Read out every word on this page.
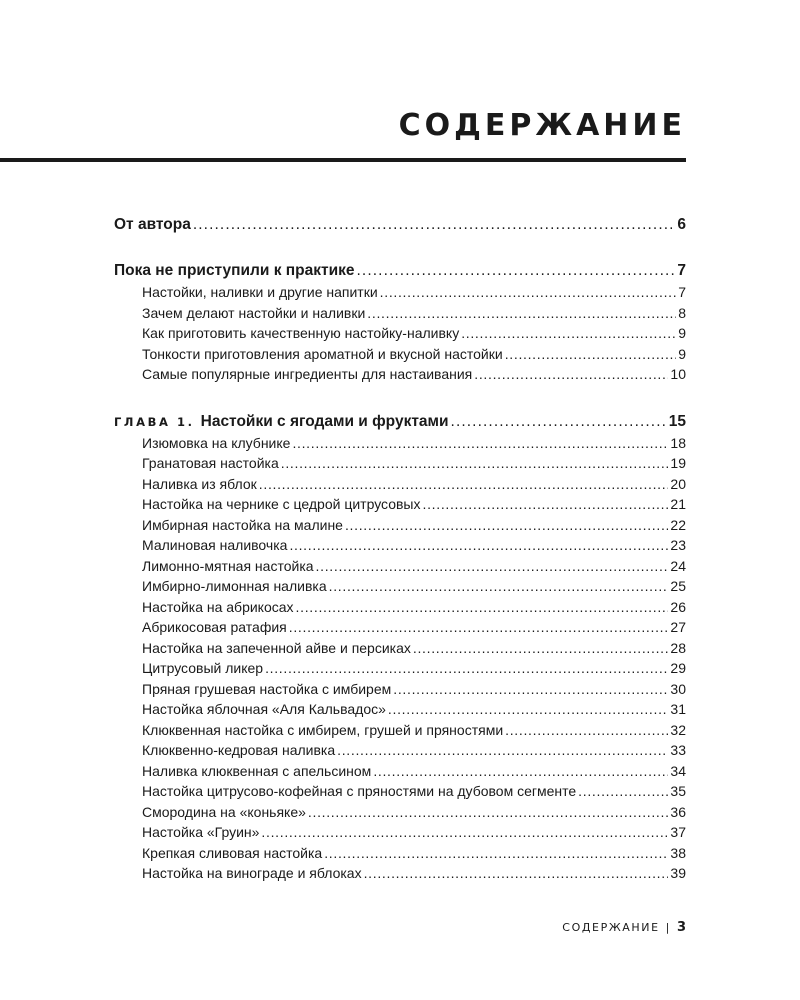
СОДЕРЖАНИЕ
От автора . . .	6
Пока не приступили к практике . . .	7
Настойки, наливки и другие напитки . . .	7
Зачем делают настойки и наливки . . .	8
Как приготовить качественную настойку-наливку . . .	9
Тонкости приготовления ароматной и вкусной настойки . . .	9
Самые популярные ингредиенты для настаивания . . .	10
ГЛАВА 1. Настойки с ягодами и фруктами . . .	15
Изюмовка на клубнике . . .	18
Гранатовая настойка . . .	19
Наливка из яблок . . .	20
Настойка на чернике с цедрой цитрусовых . . .	21
Имбирная настойка на малине . . .	22
Малиновая наливочка . . .	23
Лимонно-мятная настойка . . .	24
Имбирно-лимонная наливка . . .	25
Настойка на абрикосах . . .	26
Абрикосовая ратафия . . .	27
Настойка на запеченной айве и персиках . . .	28
Цитрусовый ликер . . .	29
Пряная грушевая настойка с имбирем . . .	30
Настойка яблочная «Аля Кальвадос» . . .	31
Клюквенная настойка с имбирем, грушей и пряностями . . .	32
Клюквенно-кедровая наливка . . .	33
Наливка клюквенная с апельсином . . .	34
Настойка цитрусово-кофейная с пряностями на дубовом сегменте . . .	35
Смородина на «коньяке» . . .	36
Настойка «Груин» . . .	37
Крепкая сливовая настойка . . .	38
Настойка на винограде и яблоках . . .	39
СОДЕРЖАНИЕ | 3
